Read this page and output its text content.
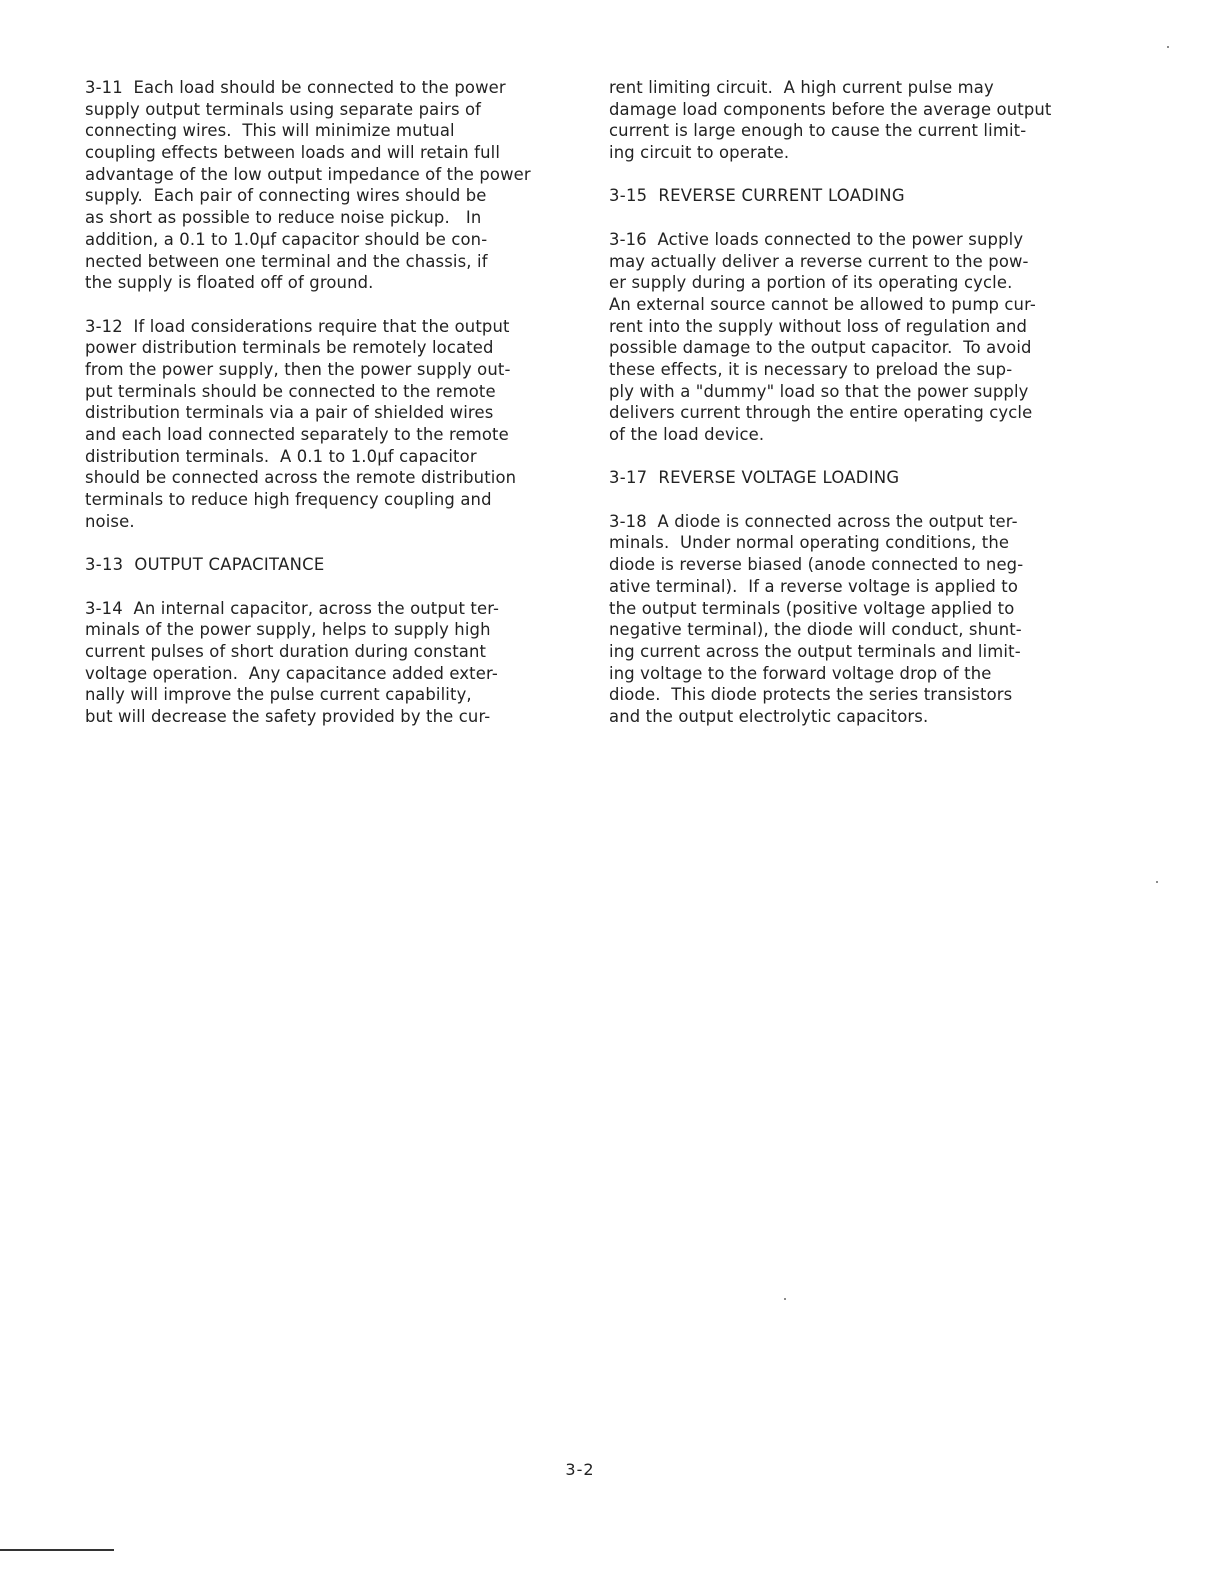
3-11  Each load should be connected to the power
supply output terminals using separate pairs of
connecting wires.  This will minimize mutual
coupling effects between loads and will retain full
advantage of the low output impedance of the power
supply.  Each pair of connecting wires should be
as short as possible to reduce noise pickup.   In
addition, a 0.1 to 1.0µf capacitor should be con-
nected between one terminal and the chassis, if
the supply is floated off of ground.
3-12  If load considerations require that the output
power distribution terminals be remotely located
from the power supply, then the power supply out-
put terminals should be connected to the remote
distribution terminals via a pair of shielded wires
and each load connected separately to the remote
distribution terminals.  A 0.1 to 1.0µf capacitor
should be connected across the remote distribution
terminals to reduce high frequency coupling and
noise.
3-13  OUTPUT CAPACITANCE
3-14  An internal capacitor, across the output ter-
minals of the power supply, helps to supply high
current pulses of short duration during constant
voltage operation.  Any capacitance added exter-
nally will improve the pulse current capability,
but will decrease the safety provided by the cur-
rent limiting circuit.  A high current pulse may
damage load components before the average output
current is large enough to cause the current limit-
ing circuit to operate.
3-15  REVERSE CURRENT LOADING
3-16  Active loads connected to the power supply
may actually deliver a reverse current to the pow-
er supply during a portion of its operating cycle.
An external source cannot be allowed to pump cur-
rent into the supply without loss of regulation and
possible damage to the output capacitor.  To avoid
these effects, it is necessary to preload the sup-
ply with a "dummy" load so that the power supply
delivers current through the entire operating cycle
of the load device.
3-17  REVERSE VOLTAGE LOADING
3-18  A diode is connected across the output ter-
minals.  Under normal operating conditions, the
diode is reverse biased (anode connected to neg-
ative terminal).  If a reverse voltage is applied to
the output terminals (positive voltage applied to
negative terminal), the diode will conduct, shunt-
ing current across the output terminals and limit-
ing voltage to the forward voltage drop of the
diode.  This diode protects the series transistors
and the output electrolytic capacitors.
3-2
